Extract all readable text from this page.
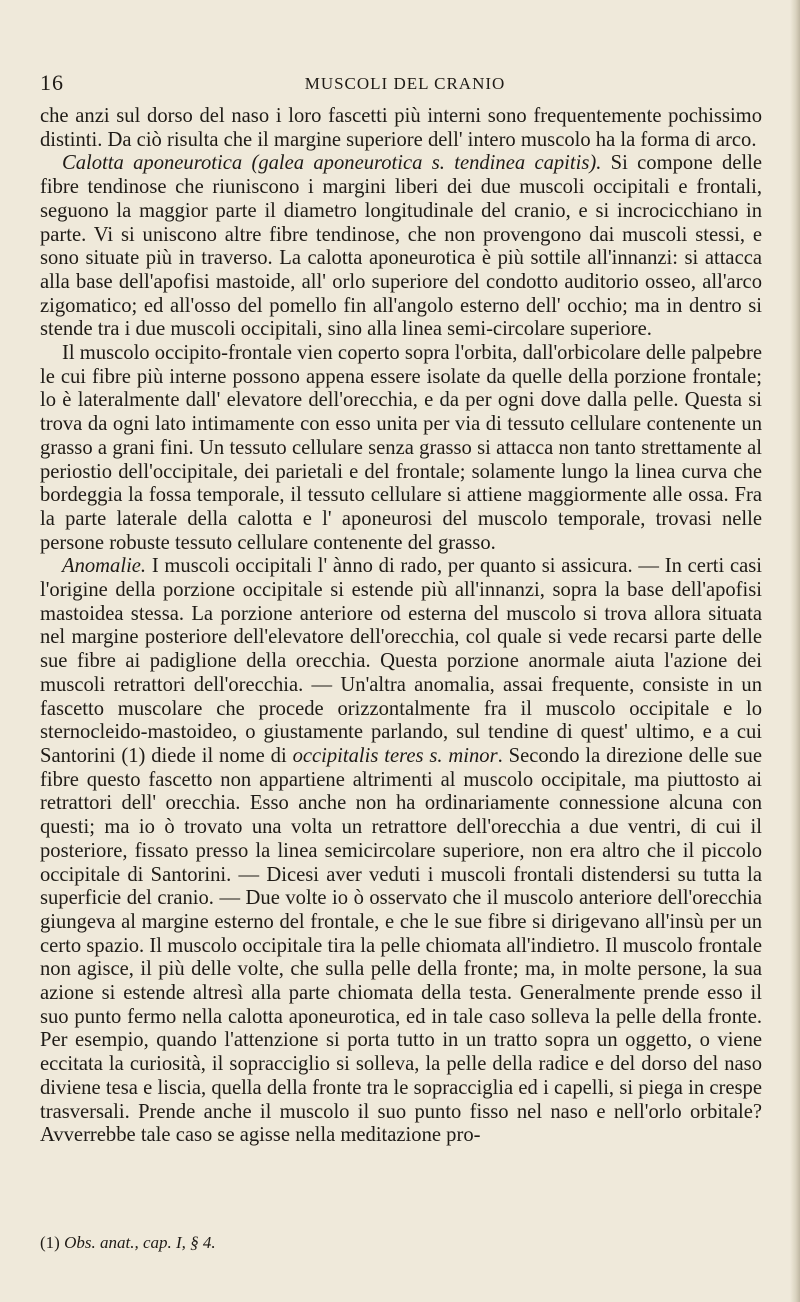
16	MUSCOLI DEL CRANIO

che anzi sul dorso del naso i loro fascetti più interni sono frequentemente pochissimo distinti. Da ciò risulta che il margine superiore dell' intero muscolo ha la forma di arco.

Calotta aponeurotica (galea aponeurotica s. tendinea capitis). Si compone delle fibre tendinose che riuniscono i margini liberi dei due muscoli occipitali e frontali, seguono la maggior parte il diametro longitudinale del cranio, e si incrocicchiano in parte. Vi si uniscono altre fibre tendinose, che non provengono dai muscoli stessi, e sono situate più in traverso. La calotta aponeurotica è più sottile all'innanzi: si attacca alla base dell'apofisi mastoide, all' orlo superiore del condotto auditorio osseo, all'arco zigomatico; ed all'osso del pomello fin all'angolo esterno dell' occhio; ma in dentro si stende tra i due muscoli occipitali, sino alla linea semi-circolare superiore.

Il muscolo occipito-frontale vien coperto sopra l'orbita, dall'orbicolare delle palpebre le cui fibre più interne possono appena essere isolate da quelle della porzione frontale; lo è lateralmente dall' elevatore dell'orecchia, e da per ogni dove dalla pelle. Questa si trova da ogni lato intimamente con esso unita per via di tessuto cellulare contenente un grasso a grani fini. Un tessuto cellulare senza grasso si attacca non tanto strettamente al periostio dell'occipitale, dei parietali e del frontale; solamente lungo la linea curva che bordeggia la fossa temporale, il tessuto cellulare si attiene maggiormente alle ossa. Fra la parte laterale della calotta e l' aponeurosi del muscolo temporale, trovasi nelle persone robuste tessuto cellulare contenente del grasso.

Anomalie. I muscoli occipitali l' ànno di rado, per quanto si assicura. — In certi casi l'origine della porzione occipitale si estende più all'innanzi, sopra la base dell'apofisi mastoidea stessa. La porzione anteriore od esterna del muscolo si trova allora situata nel margine posteriore dell'elevatore dell'orecchia, col quale si vede recarsi parte delle sue fibre ai padiglione della orecchia. Questa porzione anormale aiuta l'azione dei muscoli retrattori dell'orecchia. — Un'altra anomalia, assai frequente, consiste in un fascetto muscolare che procede orizzontalmente fra il muscolo occipitale e lo sternocleido-mastoideo, o giustamente parlando, sul tendine di quest' ultimo, e a cui Santorini (1) diede il nome di occipitalis teres s. minor. Secondo la direzione delle sue fibre questo fascetto non appartiene altrimenti al muscolo occipitale, ma piuttosto ai retrattori dell' orecchia. Esso anche non ha ordinariamente connessione alcuna con questi; ma io ò trovato una volta un retrattore dell'orecchia a due ventri, di cui il posteriore, fissato presso la linea semicircolare superiore, non era altro che il piccolo occipitale di Santorini. — Dicesi aver veduti i muscoli frontali distendersi su tutta la superficie del cranio. — Due volte io ò osservato che il muscolo anteriore dell'orecchia giungeva al margine esterno del frontale, e che le sue fibre si dirigevano all'insù per un certo spazio. Il muscolo occipitale tira la pelle chiomata all'indietro. Il muscolo frontale non agisce, il più delle volte, che sulla pelle della fronte; ma, in molte persone, la sua azione si estende altresì alla parte chiomata della testa. Generalmente prende esso il suo punto fermo nella calotta aponeurotica, ed in tale caso solleva la pelle della fronte. Per esempio, quando l'attenzione si porta tutto in un tratto sopra un oggetto, o viene eccitata la curiosità, il sopracciglio si solleva, la pelle della radice e del dorso del naso diviene tesa e liscia, quella della fronte tra le sopracciglia ed i capelli, si piega in crespe trasversali. Prende anche il muscolo il suo punto fisso nel naso e nell'orlo orbitale? Avverrebbe tale caso se agisse nella meditazione pro-

(1) Obs. anat., cap. I, § 4.
